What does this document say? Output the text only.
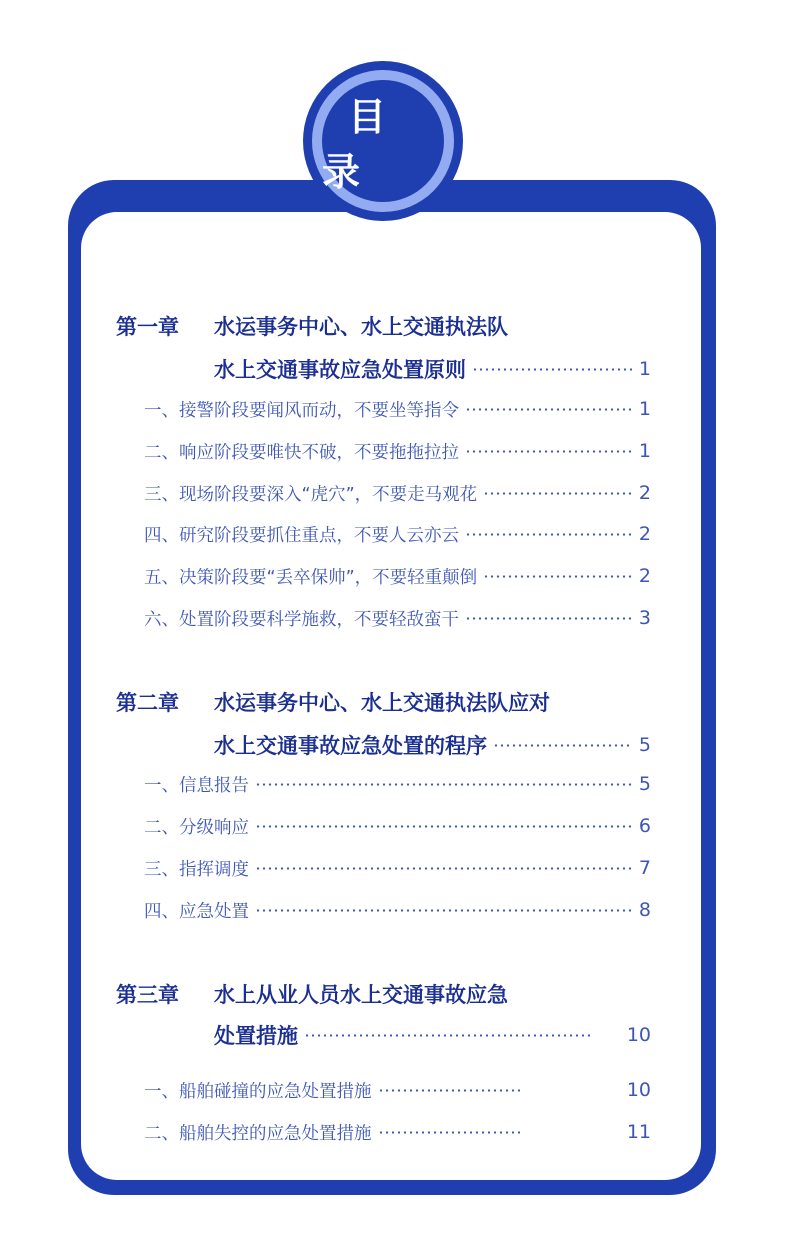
目录
第一章 水运事务中心、水上交通执法队
水上交通事故应急处置原则	1
一、接警阶段要闻风而动，不要坐等指令	1
二、响应阶段要唯快不破，不要拖拖拉拉	1
三、现场阶段要深入“虎穴”，不要走马观花	2
四、研究阶段要抓住重点，不要人云亦云	2
五、决策阶段要“丢卒保帅”，不要轻重颠倒	2
六、处置阶段要科学施救，不要轻敌蛮干	3
第二章 水运事务中心、水上交通执法队应对
水上交通事故应急处置的程序	5
一、信息报告	5
二、分级响应	6
三、指挥调度	7
四、应急处置	8
第三章 水上从业人员水上交通事故应急
处置措施	10
一、船舶碰撞的应急处置措施	10
二、船舶失控的应急处置措施	11
